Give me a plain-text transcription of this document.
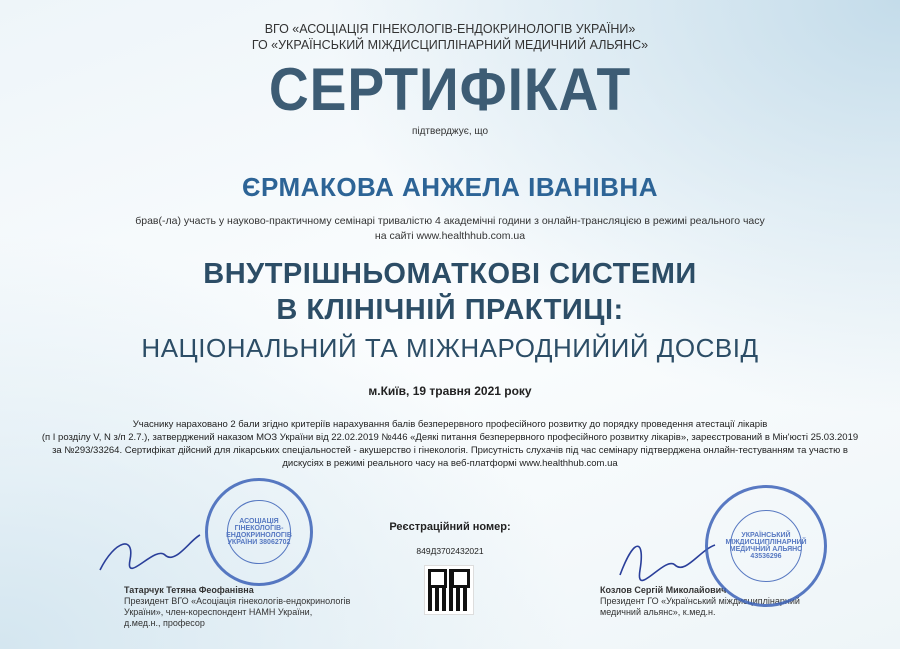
ВГО «АСОЦІАЦІЯ ГІНЕКОЛОГІВ-ЕНДОКРИНОЛОГІВ УКРАЇНИ»
ГО «УКРАЇНСЬКИЙ МІЖДИСЦИПЛІНАРНИЙ МЕДИЧНИЙ АЛЬЯНС»
СЕРТИФІКАТ
підтверджує, що
ЄРМАКОВА АНЖЕЛА ІВАНІВНА
брав(-ла) участь у науково-практичному семінарі тривалістю 4 академічні години з онлайн-трансляцією в режимі реального часу
на сайті www.healthhub.com.ua
ВНУТРІШНЬОМАТКОВІ СИСТЕМИ
В КЛІНІЧНІЙ ПРАКТИЦІ:
НАЦІОНАЛЬНИЙ ТА МІЖНАРОДНИЙИЙ ДОСВІД
м.Київ, 19 травня 2021 року
Учаснику нараховано 2 бали згідно критеріїв нарахування балів безперервного професійного розвитку до порядку проведення атестації лікарів
(п І розділу V, N з/п 2.7.), затверджений наказом МОЗ України від 22.02.2019 №446 «Деякі питання безперервного професійного розвитку лікарів», зареєстрований в Мін'юсті 25.03.2019
за №293/33264. Сертифікат дійсний для лікарських спеціальностей - акушерство і гінекологія. Присутність слухачів під час семінару підтверджена онлайн-тестуванням та участю в
дискусіях в режимі реального часу на веб-платформі www.healthhub.com.ua
Реєстраційний номер:
849Д3702432021
АСОЦІАЦІЯ ГІНЕКОЛОГІВ-ЕНДОКРИНОЛОГІВ УКРАЇНИ 38062702
Татарчук Тетяна Феофанівна
Президент ВГО «Асоціація гінекологів-ендокринологів
України», член-кореспондент НАМН України,
д.мед.н., професор
Козлов Сергій Миколайович
Президент ГО «Український міждисциплінарний
медичний альянс», к.мед.н.
УКРАЇНСЬКИЙ МІЖДИСЦИПЛІНАРНИЙ МЕДИЧНИЙ АЛЬЯНС 43536296
